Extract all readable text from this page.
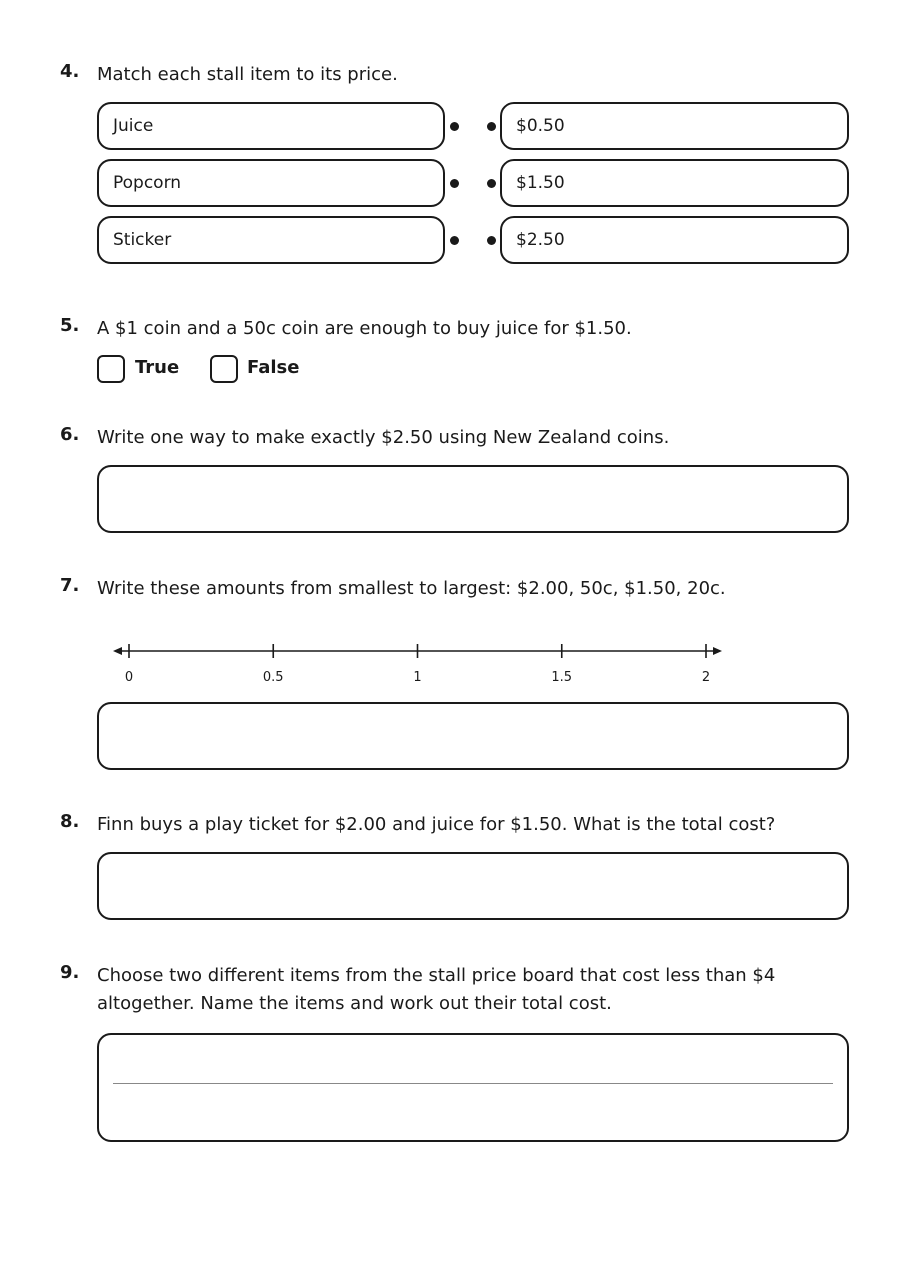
4. Match each stall item to its price.
Juice	$0.50
Popcorn	$1.50
Sticker	$2.50
5. A $1 coin and a 50c coin are enough to buy juice for $1.50.
True	False
6. Write one way to make exactly $2.50 using New Zealand coins.
7. Write these amounts from smallest to largest: $2.00, 50c, $1.50, 20c.
0	0.5	1	1.5	2
8. Finn buys a play ticket for $2.00 and juice for $1.50. What is the total cost?
9. Choose two different items from the stall price board that cost less than $4 altogether. Name the items and work out their total cost.
